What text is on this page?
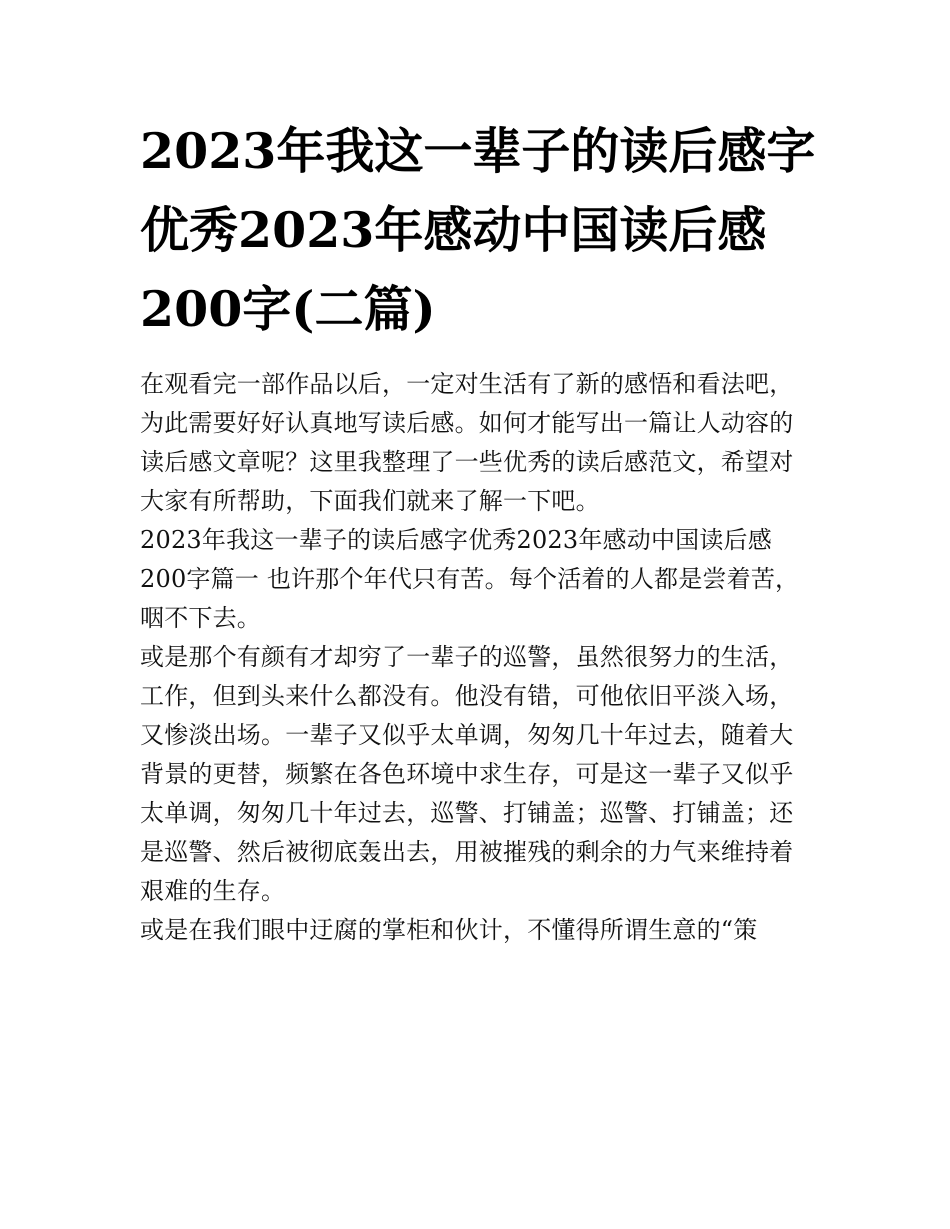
2023年我这一辈子的读后感字
优秀2023年感动中国读后感
200字(二篇)

在观看完一部作品以后，一定对生活有了新的感悟和看法吧，
为此需要好好认真地写读后感。如何才能写出一篇让人动容的
读后感文章呢？这里我整理了一些优秀的读后感范文，希望对
大家有所帮助，下面我们就来了解一下吧。

2023年我这一辈子的读后感字优秀2023年感动中国读后感
200字篇一 也许那个年代只有苦。每个活着的人都是尝着苦，
咽不下去。

或是那个有颜有才却穷了一辈子的巡警，虽然很努力的生活，
工作，但到头来什么都没有。他没有错，可他依旧平淡入场，
又惨淡出场。一辈子又似乎太单调，匆匆几十年过去，随着大
背景的更替，频繁在各色环境中求生存，可是这一辈子又似乎
太单调，匆匆几十年过去，巡警、打铺盖；巡警、打铺盖；还
是巡警、然后被彻底轰出去，用被摧残的剩余的力气来维持着
艰难的生存。

或是在我们眼中迂腐的掌柜和伙计，不懂得所谓生意的“策
